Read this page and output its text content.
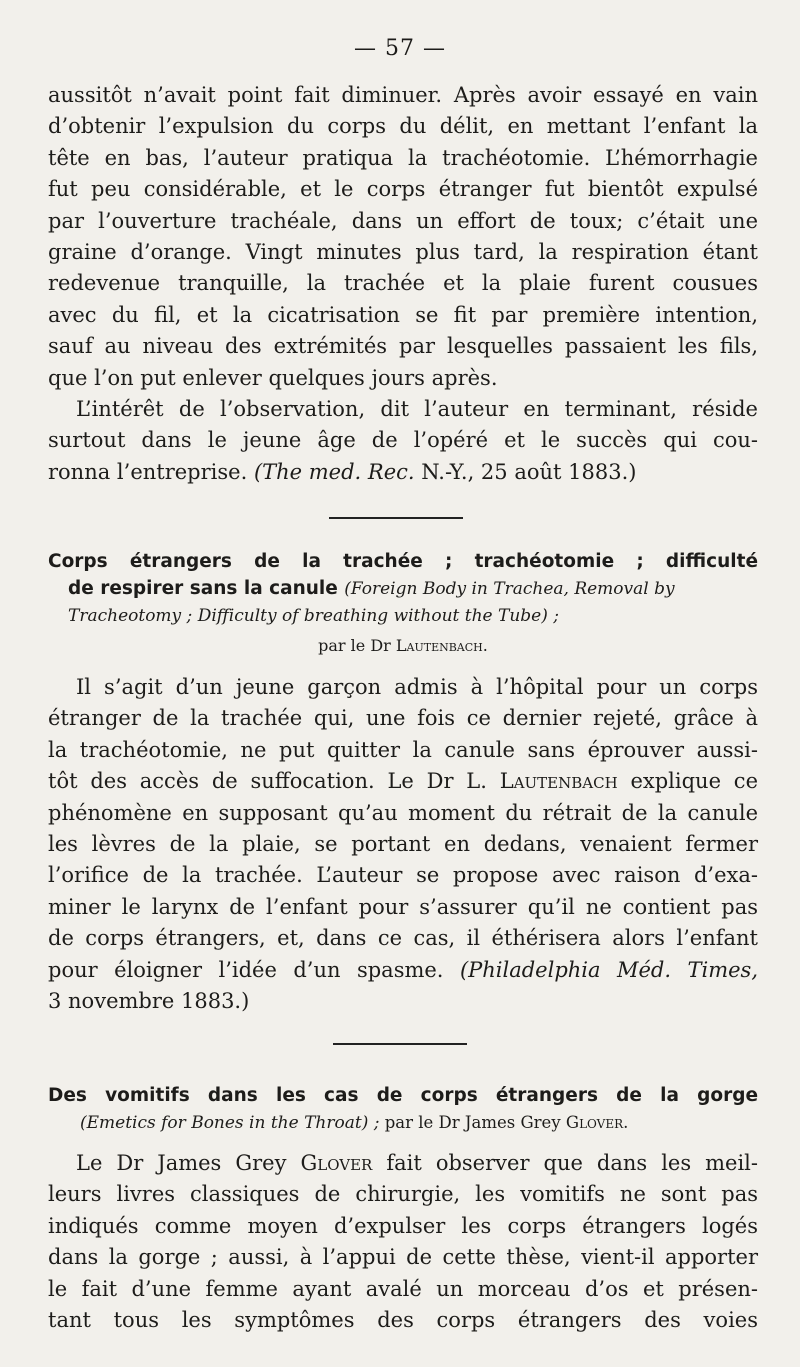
— 57 —

aussitôt n’avait point fait diminuer. Après avoir essayé en vain
d’obtenir l’expulsion du corps du délit, en mettant l’enfant la
tête en bas, l’auteur pratiqua la trachéotomie. L’hémorrhagie
fut peu considérable, et le corps étranger fut bientôt expulsé
par l’ouverture trachéale, dans un effort de toux; c’était une
graine d’orange. Vingt minutes plus tard, la respiration étant
redevenue tranquille, la trachée et la plaie furent cousues
avec du fil, et la cicatrisation se fit par première intention,
sauf au niveau des extrémités par lesquelles passaient les fils,
que l’on put enlever quelques jours après.

L’intérêt de l’observation, dit l’auteur en terminant, réside
surtout dans le jeune âge de l’opéré et le succès qui cou-
ronna l’entreprise. (The med. Rec. N.-Y., 25 août 1883.)

Corps étrangers de la trachée ; trachéotomie ; difficulté
de respirer sans la canule (Foreign Body in Trachea, Removal by
Tracheotomy ; Difficulty of breathing without the Tube) ;
par le Dr Lautenbach.

Il s’agit d’un jeune garçon admis à l’hôpital pour un corps
étranger de la trachée qui, une fois ce dernier rejeté, grâce à
la trachéotomie, ne put quitter la canule sans éprouver aussi-
tôt des accès de suffocation. Le Dr L. Lautenbach explique ce
phénomène en supposant qu’au moment du rétrait de la canule
les lèvres de la plaie, se portant en dedans, venaient fermer
l’orifice de la trachée. L’auteur se propose avec raison d’exa-
miner le larynx de l’enfant pour s’assurer qu’il ne contient pas
de corps étrangers, et, dans ce cas, il éthérisera alors l’enfant
pour éloigner l’idée d’un spasme. (Philadelphia Méd. Times,
3 novembre 1883.)

Des vomitifs dans les cas de corps étrangers de la gorge
(Emetics for Bones in the Throat) ; par le Dr James Grey Glover.

Le Dr James Grey Glover fait observer que dans les meil-
leurs livres classiques de chirurgie, les vomitifs ne sont pas
indiqués comme moyen d’expulser les corps étrangers logés
dans la gorge ; aussi, à l’appui de cette thèse, vient-il apporter
le fait d’une femme ayant avalé un morceau d’os et présen-
tant tous les symptômes des corps étrangers des voies
